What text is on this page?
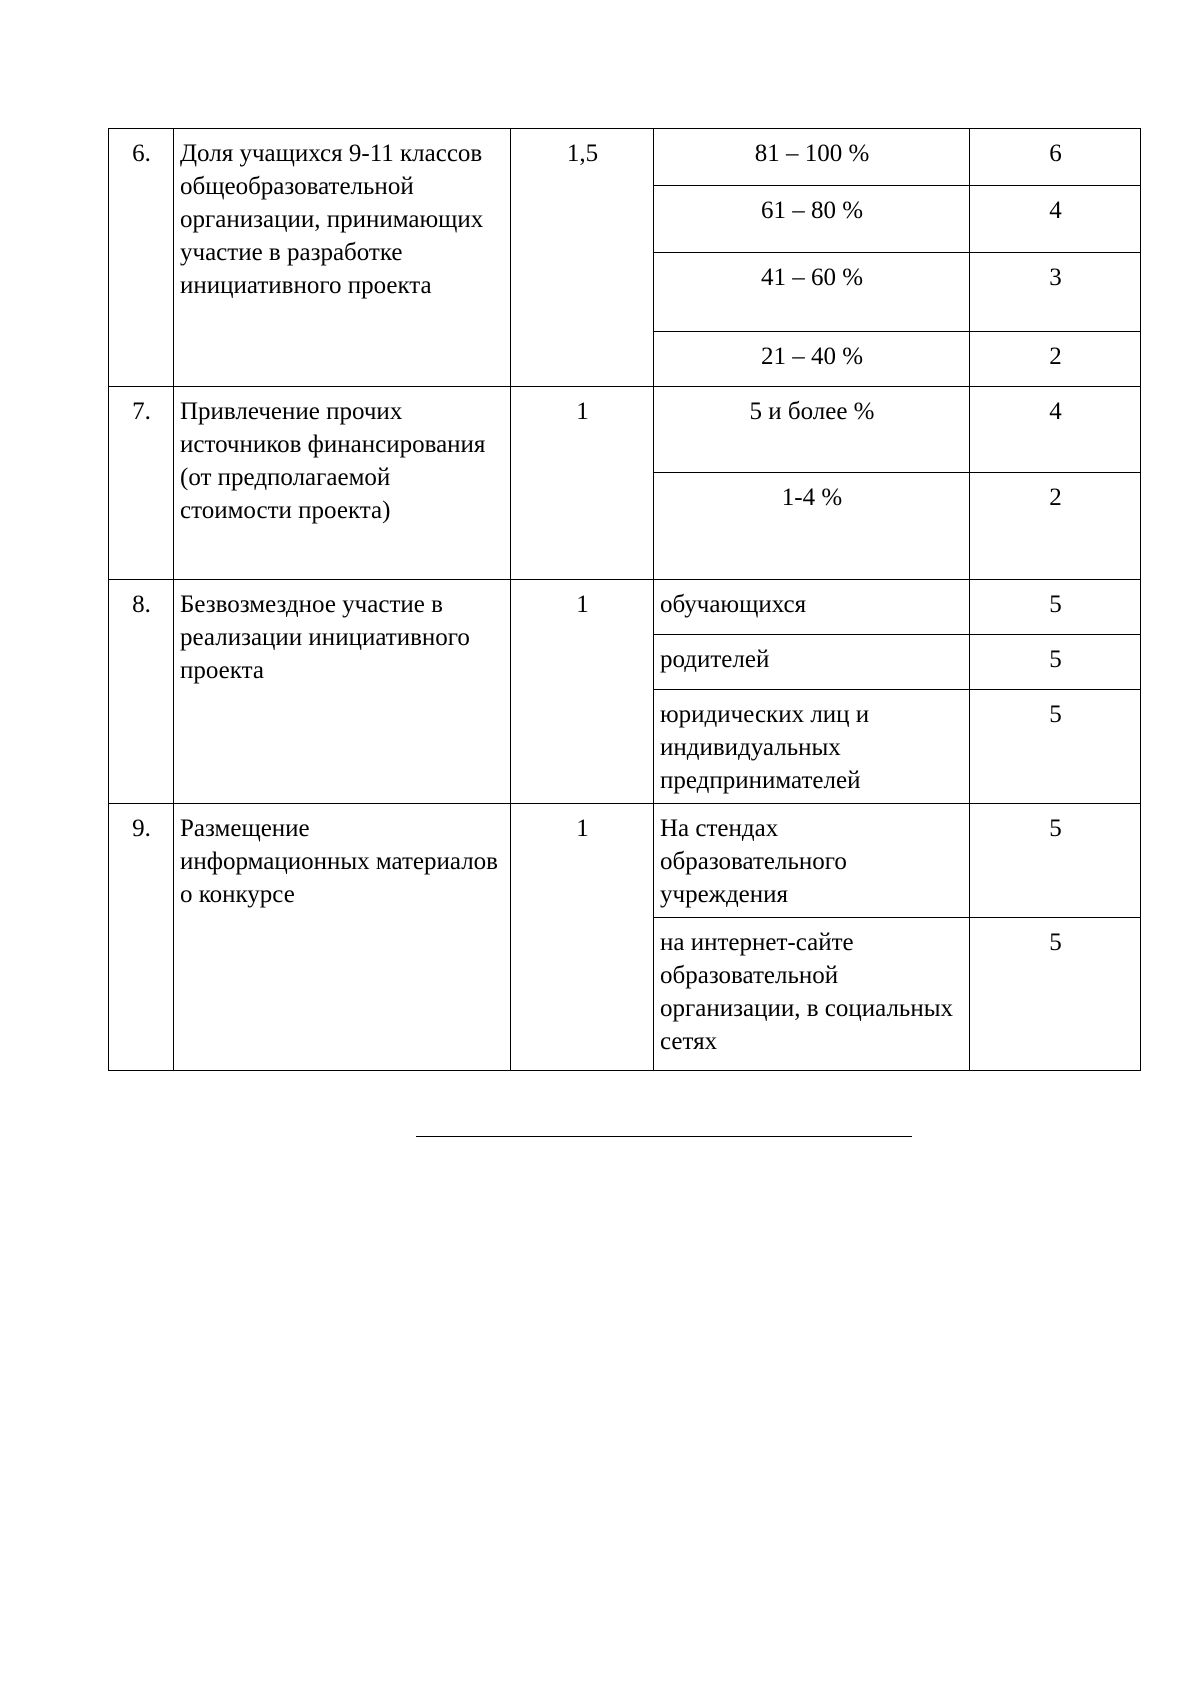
6.	Доля учащихся 9-11 классов общеобразовательной организации, принимающих участие в разработке инициативного проекта	1,5	81 – 100 %	6
			61 – 80 %	4
			41 – 60 %	3
			21 – 40 %	2
7.	Привлечение прочих источников финансирования (от предполагаемой стоимости проекта)	1	5 и более %	4
			1-4 %	2
8.	Безвозмездное участие в реализации инициативного проекта	1	обучающихся	5
			родителей	5
			юридических лиц и индивидуальных предпринимателей	5
9.	Размещение информационных материалов о конкурсе	1	На стендах образовательного учреждения	5
			на интернет-сайте образовательной организации, в социальных сетях	5
